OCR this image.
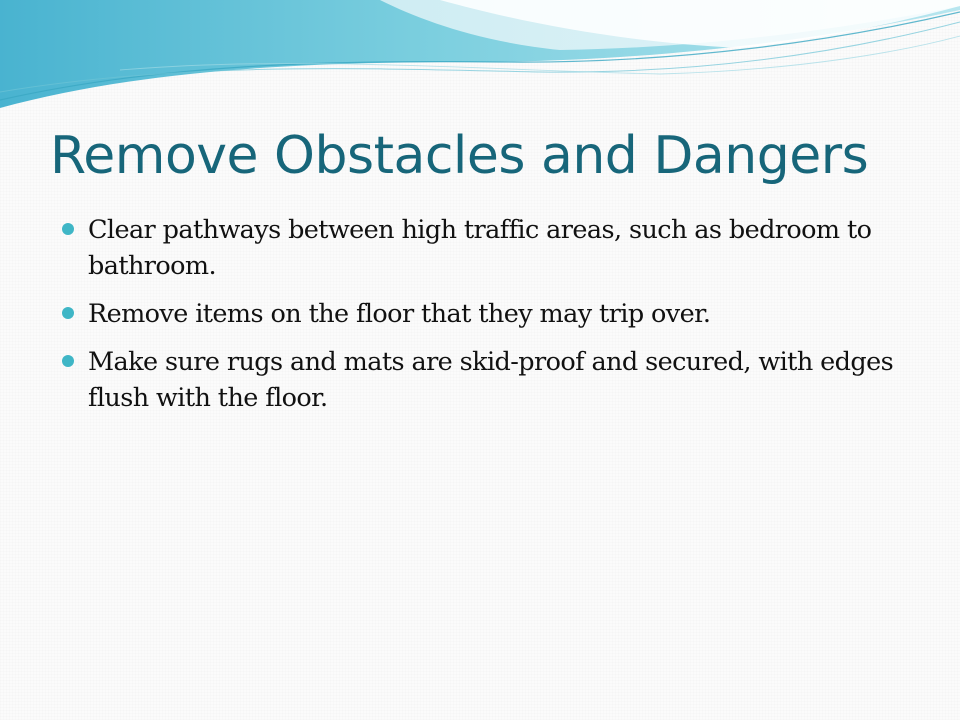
Remove Obstacles and Dangers
Clear pathways between high traffic areas, such as bedroom to bathroom.
Remove items on the floor that they may trip over.
Make sure rugs and mats are skid-proof and secured, with edges flush with the floor.
